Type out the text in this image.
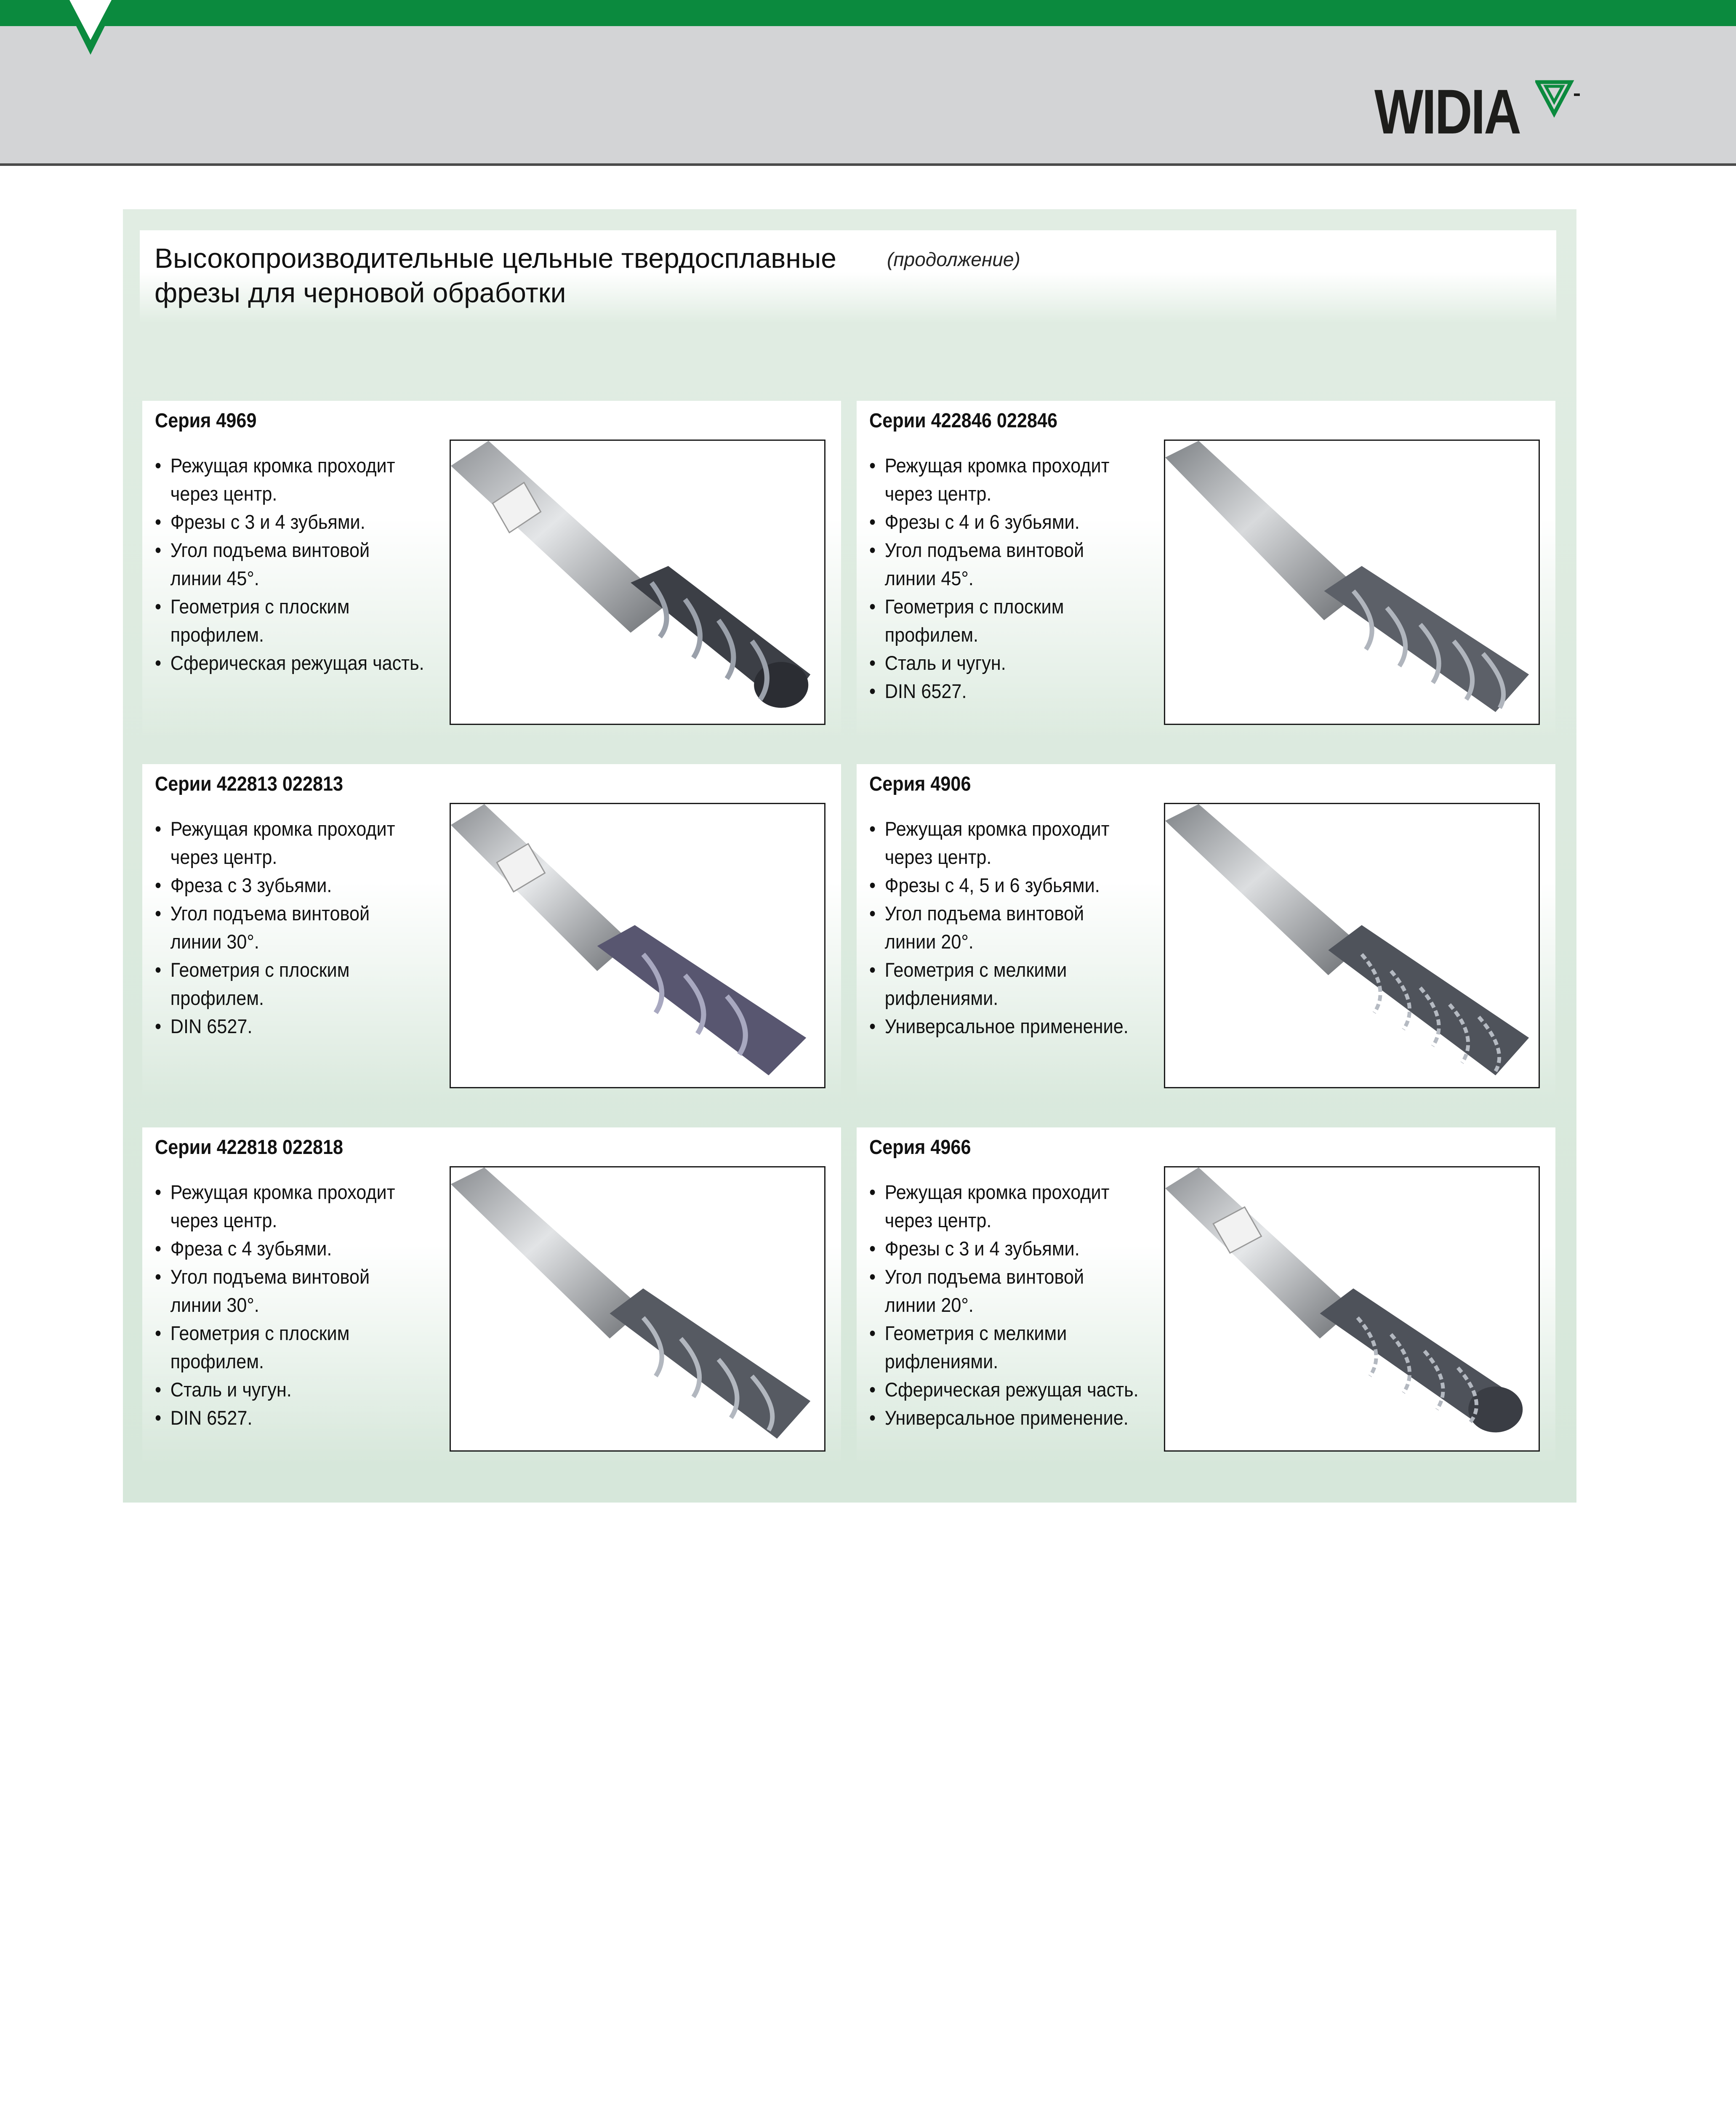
WIDIA
Высокопроизводительные цельные твердосплавные
фрезы для черновой обработки
(продолжение)
Серия 4969
• Режущая кромка проходит
через центр.
• Фрезы с 3 и 4 зубьями.
• Угол подъема винтовой
линии 45°.
• Геометрия с плоским
профилем.
• Сферическая режущая часть.
Серии 422846 022846
• Режущая кромка проходит
через центр.
• Фрезы с 4 и 6 зубьями.
• Угол подъема винтовой
линии 45°.
• Геометрия с плоским
профилем.
• Сталь и чугун.
• DIN 6527.
Серии 422813 022813
• Режущая кромка проходит
через центр.
• Фреза с 3 зубьями.
• Угол подъема винтовой
линии 30°.
• Геометрия с плоским
профилем.
• DIN 6527.
Серия 4906
• Режущая кромка проходит
через центр.
• Фрезы с 4, 5 и 6 зубьями.
• Угол подъема винтовой
линии 20°.
• Геометрия с мелкими
рифлениями.
• Универсальное применение.
Серии 422818 022818
• Режущая кромка проходит
через центр.
• Фреза с 4 зубьями.
• Угол подъема винтовой
линии 30°.
• Геометрия с плоским
профилем.
• Сталь и чугун.
• DIN 6527.
Серия 4966
• Режущая кромка проходит
через центр.
• Фрезы с 3 и 4 зубьями.
• Угол подъема винтовой
линии 20°.
• Геометрия с мелкими
рифлениями.
• Сферическая режущая часть.
• Универсальное применение.
